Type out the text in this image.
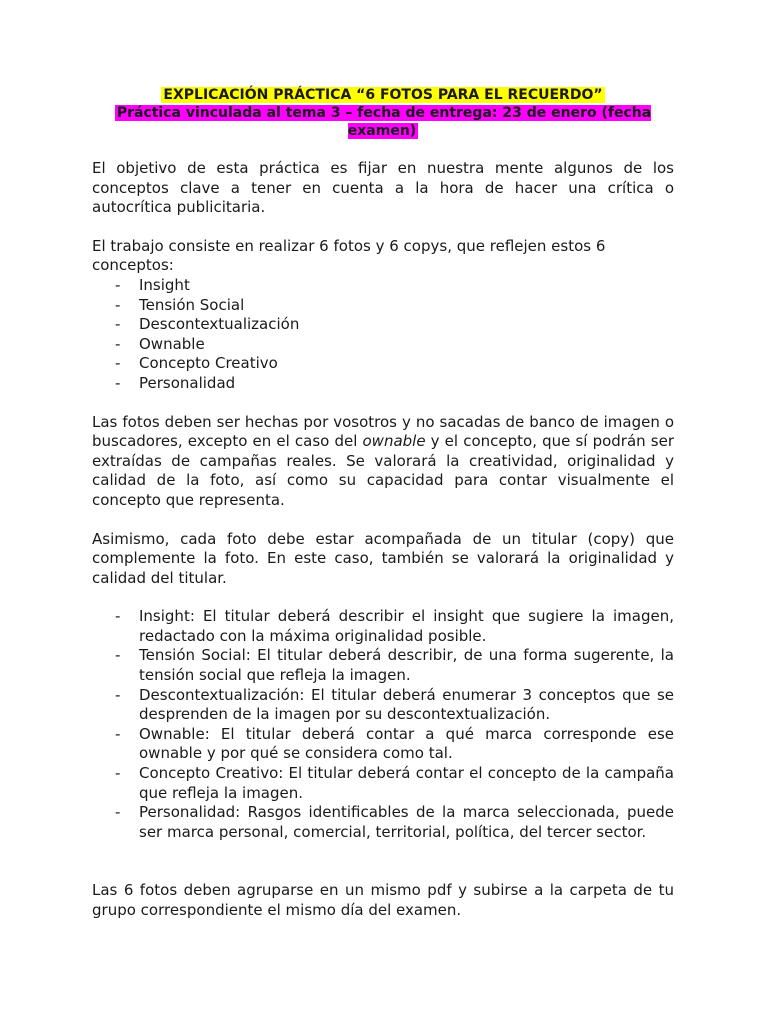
EXPLICACIÓN PRÁCTICA “6 FOTOS PARA EL RECUERDO”
Práctica vinculada al tema 3 – fecha de entrega: 23 de enero (fecha examen)

El objetivo de esta práctica es fijar en nuestra mente algunos de los conceptos clave a tener en cuenta a la hora de hacer una crítica o autocrítica publicitaria.

El trabajo consiste en realizar 6 fotos y 6 copys, que reflejen estos 6 conceptos:

- Insight
- Tensión Social
- Descontextualización
- Ownable
- Concepto Creativo
- Personalidad

Las fotos deben ser hechas por vosotros y no sacadas de banco de imagen o buscadores, excepto en el caso del ownable y el concepto, que sí podrán ser extraídas de campañas reales. Se valorará la creatividad, originalidad y calidad de la foto, así como su capacidad para contar visualmente el concepto que representa.

Asimismo, cada foto debe estar acompañada de un titular (copy) que complemente la foto. En este caso, también se valorará la originalidad y calidad del titular.

- Insight: El titular deberá describir el insight que sugiere la imagen, redactado con la máxima originalidad posible.
- Tensión Social: El titular deberá describir, de una forma sugerente, la tensión social que refleja la imagen.
- Descontextualización: El titular deberá enumerar 3 conceptos que se desprenden de la imagen por su descontextualización.
- Ownable: El titular deberá contar a qué marca corresponde ese ownable y por qué se considera como tal.
- Concepto Creativo: El titular deberá contar el concepto de la campaña que refleja la imagen.
- Personalidad: Rasgos identificables de la marca seleccionada, puede ser marca personal, comercial, territorial, política, del tercer sector.

Las 6 fotos deben agruparse en un mismo pdf y subirse a la carpeta de tu grupo correspondiente el mismo día del examen.
